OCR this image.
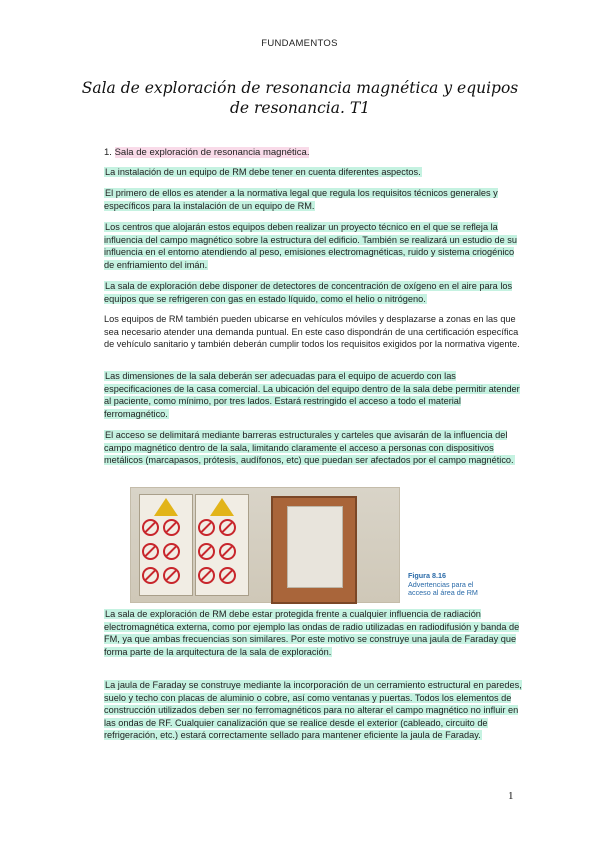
FUNDAMENTOS
Sala de exploración de resonancia magnética y equipos de resonancia. T1
1. Sala de exploración de resonancia magnética.

La instalación de un equipo de RM debe tener en cuenta diferentes aspectos.

El primero de ellos es atender a la normativa legal que regula los requisitos técnicos generales y específicos para la instalación de un equipo de RM.

Los centros que alojarán estos equipos deben realizar un proyecto técnico en el que se refleja la influencia del campo magnético sobre la estructura del edificio. También se realizará un estudio de su influencia en el entorno atendiendo al peso, emisiones electromagnéticas, ruido y sistema criogénico de enfriamiento del imán.

La sala de exploración debe disponer de detectores de concentración de oxígeno en el aire para los equipos que se refrigeren con gas en estado líquido, como el helio o nitrógeno.

Los equipos de RM también pueden ubicarse en vehículos móviles y desplazarse a zonas en las que sea necesario atender una demanda puntual. En este caso dispondrán de una certificación específica de vehículo sanitario y también deberán cumplir todos los requisitos exigidos por la normativa vigente.

Las dimensiones de la sala deberán ser adecuadas para el equipo de acuerdo con las especificaciones de la casa comercial. La ubicación del equipo dentro de la sala debe permitir atender al paciente, como mínimo, por tres lados. Estará restringido el acceso a todo el material ferromagnético.

El acceso se delimitará mediante barreras estructurales y carteles que avisarán de la influencia del campo magnético dentro de la sala, limitando claramente el acceso a personas con dispositivos metálicos (marcapasos, prótesis, audífonos, etc) que puedan ser afectados por el campo magnético.

Figura 8.16
Advertencias para el acceso al área de RM

La sala de exploración de RM debe estar protegida frente a cualquier influencia de radiación electromagnética externa, como por ejemplo las ondas de radio utilizadas en radiodifusión y banda de FM, ya que ambas frecuencias son similares. Por este motivo se construye una jaula de Faraday que forma parte de la arquitectura de la sala de exploración.

La jaula de Faraday se construye mediante la incorporación de un cerramiento estructural en paredes, suelo y techo con placas de aluminio o cobre, así como ventanas y puertas. Todos los elementos de construcción utilizados deben ser no ferromagnéticos para no alterar el campo magnético no influir en las ondas de RF. Cualquier canalización que se realice desde el exterior (cableado, circuito de refrigeración, etc.) estará correctamente sellado para mantener eficiente la jaula de Faraday.

1
